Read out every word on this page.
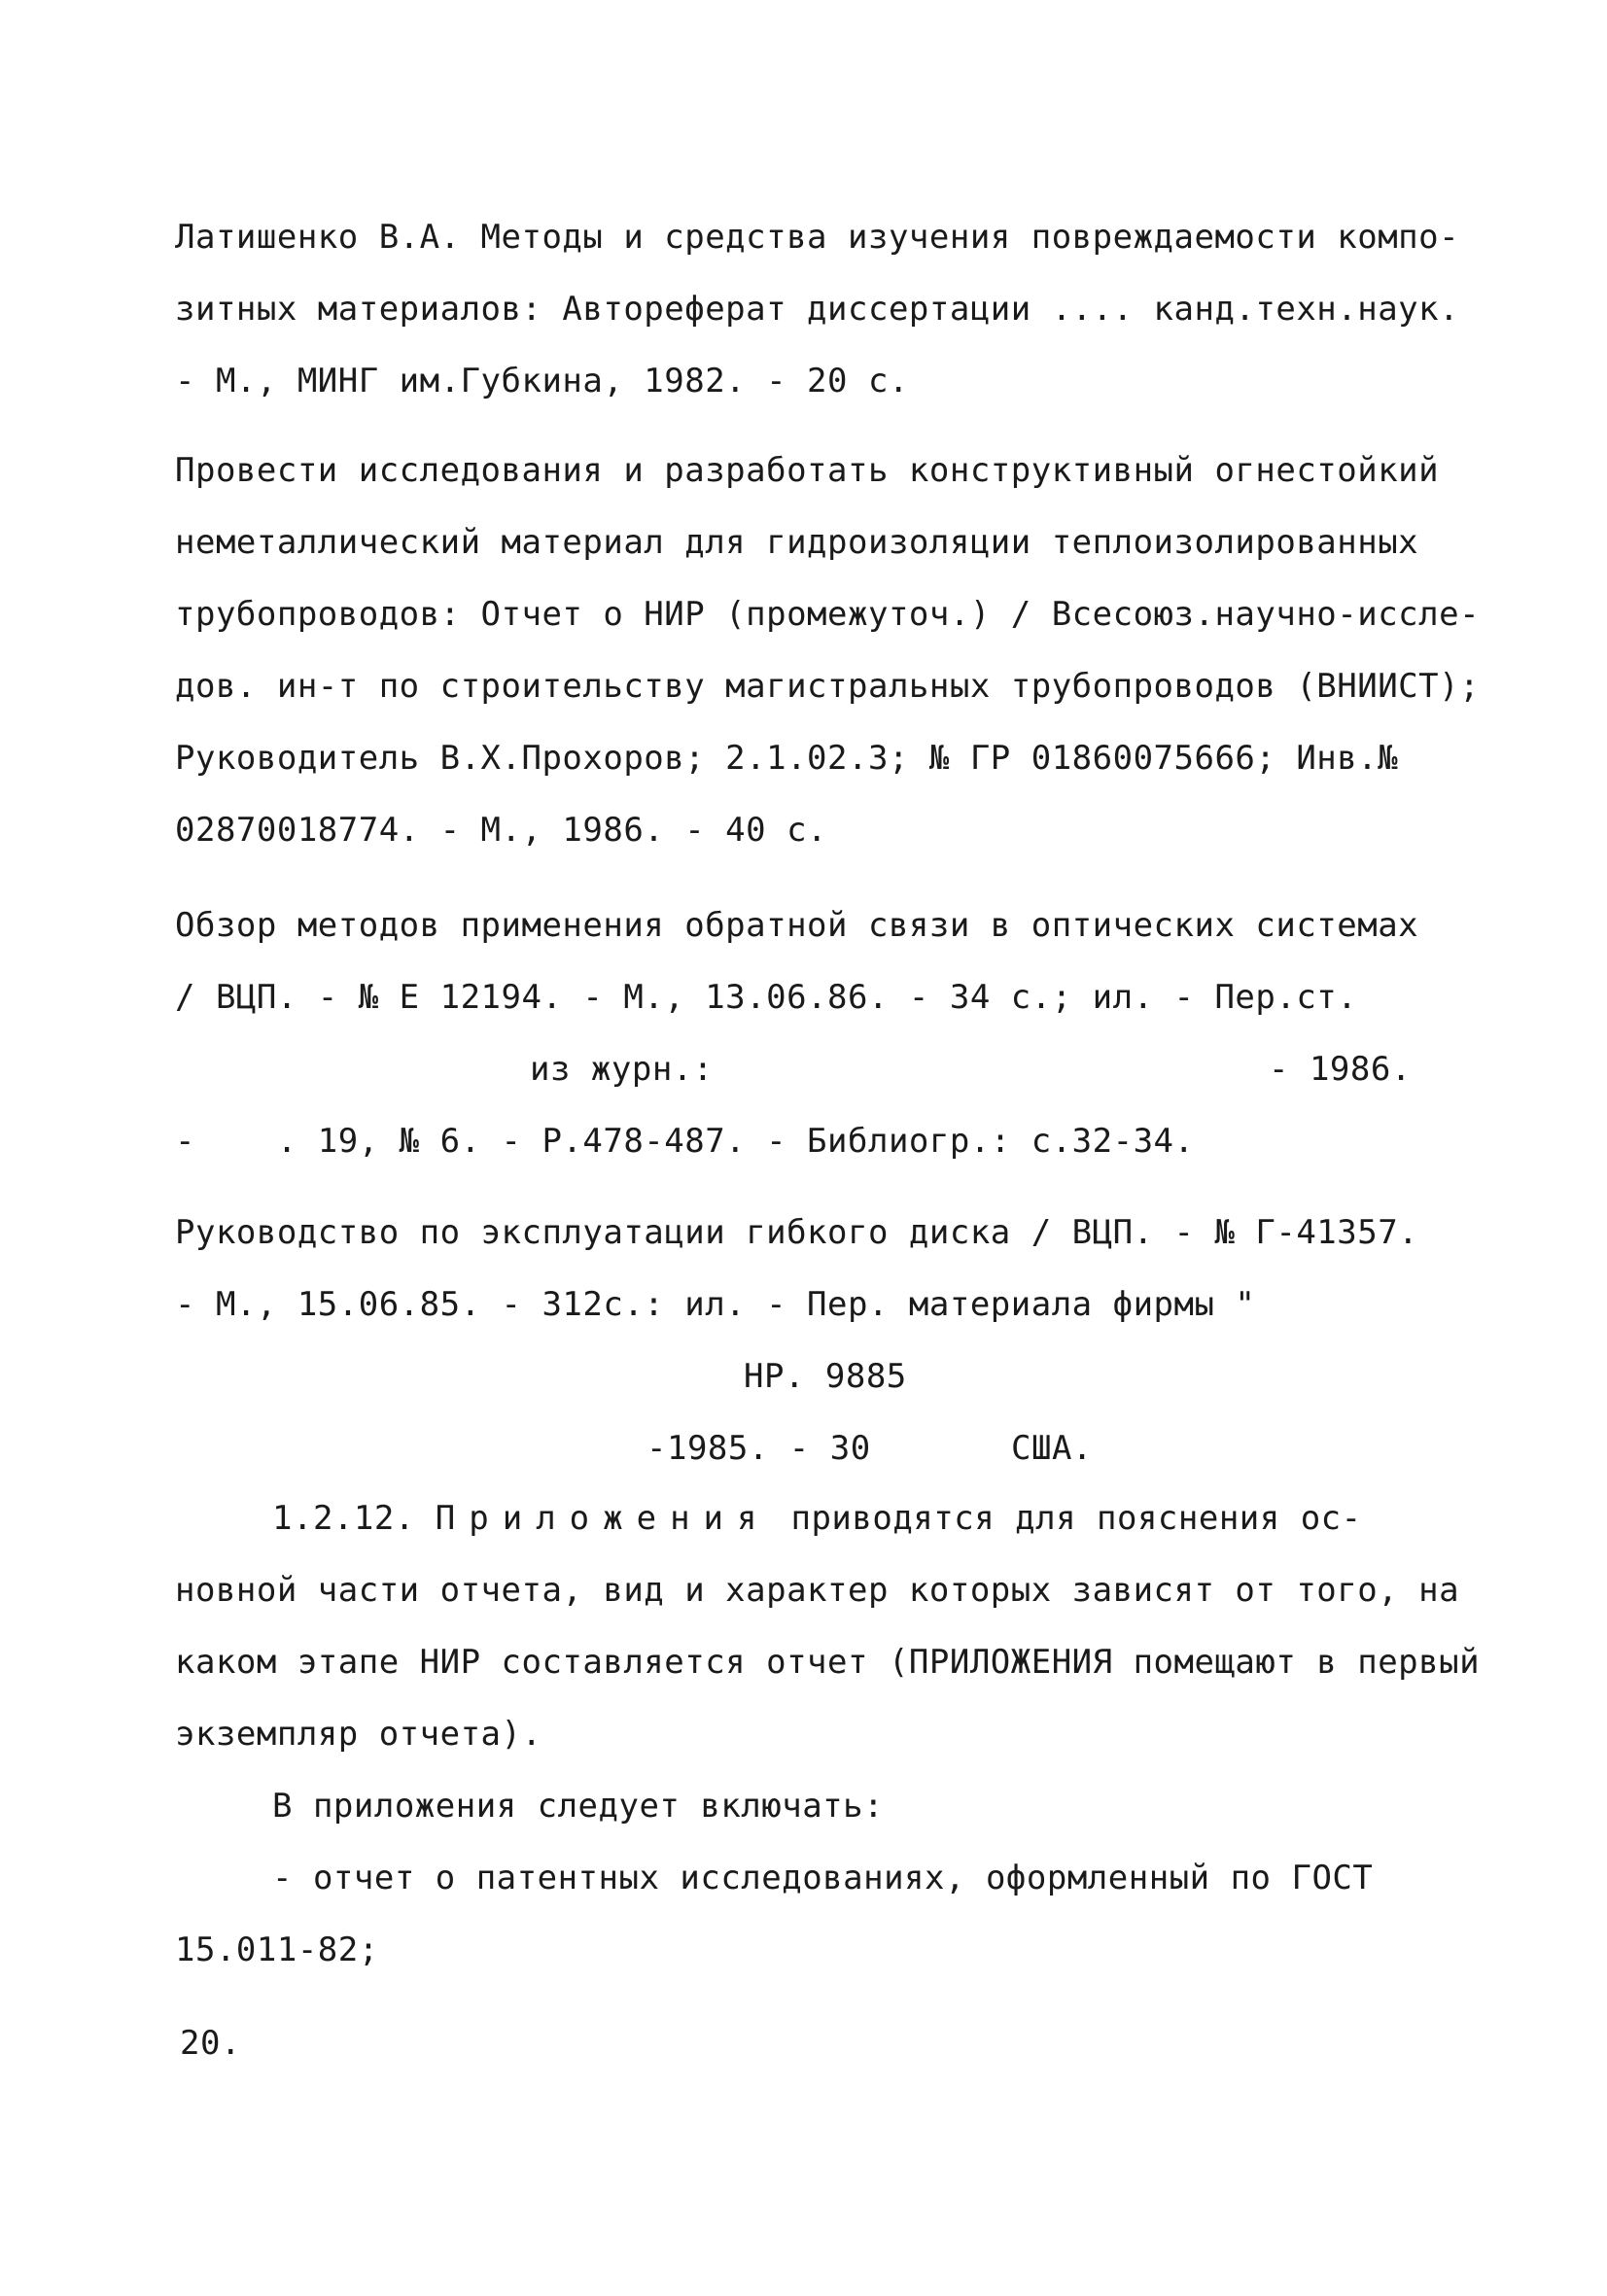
Латишенко В.А. Методы и средства изучения повреждаемости компо-
зитных материалов: Автореферат диссертации .... канд.техн.наук.
- М., МИНГ им.Губкина, 1982. - 20 с.
Провести исследования и разработать конструктивный огнестойкий
неметаллический материал для гидроизоляции теплоизолированных
трубопроводов: Отчет о НИР (промежуточ.) / Всесоюз.научно-иссле-
дов. ин-т по строительству магистральных трубопроводов (ВНИИСТ);
Руководитель В.Х.Прохоров; 2.1.02.3; № ГР 01860075666; Инв.№
02870018774. - М., 1986. - 40 с.
Обзор методов применения обратной связи в оптических системах
/ ВЦП. - № Е 12194. - М., 13.06.86. - 34 с.; ил. - Пер.ст.
из журн.:	- 1986.
-    . 19, № 6. - P.478-487. - Библиогр.: с.32-34.
Руководство по эксплуатации гибкого диска / ВЦП. - № Г-41357.
- М., 15.06.85. - 312с.: ил. - Пер. материала фирмы "
HP. 9885
-1985. - 30	США.
1.2.12. Приложения приводятся для пояснения ос-
новной части отчета, вид и характер которых зависят от того, на
каком этапе НИР составляется отчет (ПРИЛОЖЕНИЯ помещают в первый
экземпляр отчета).
В приложения следует включать:
- отчет о патентных исследованиях, оформленный по ГОСТ
15.011-82;
20.
